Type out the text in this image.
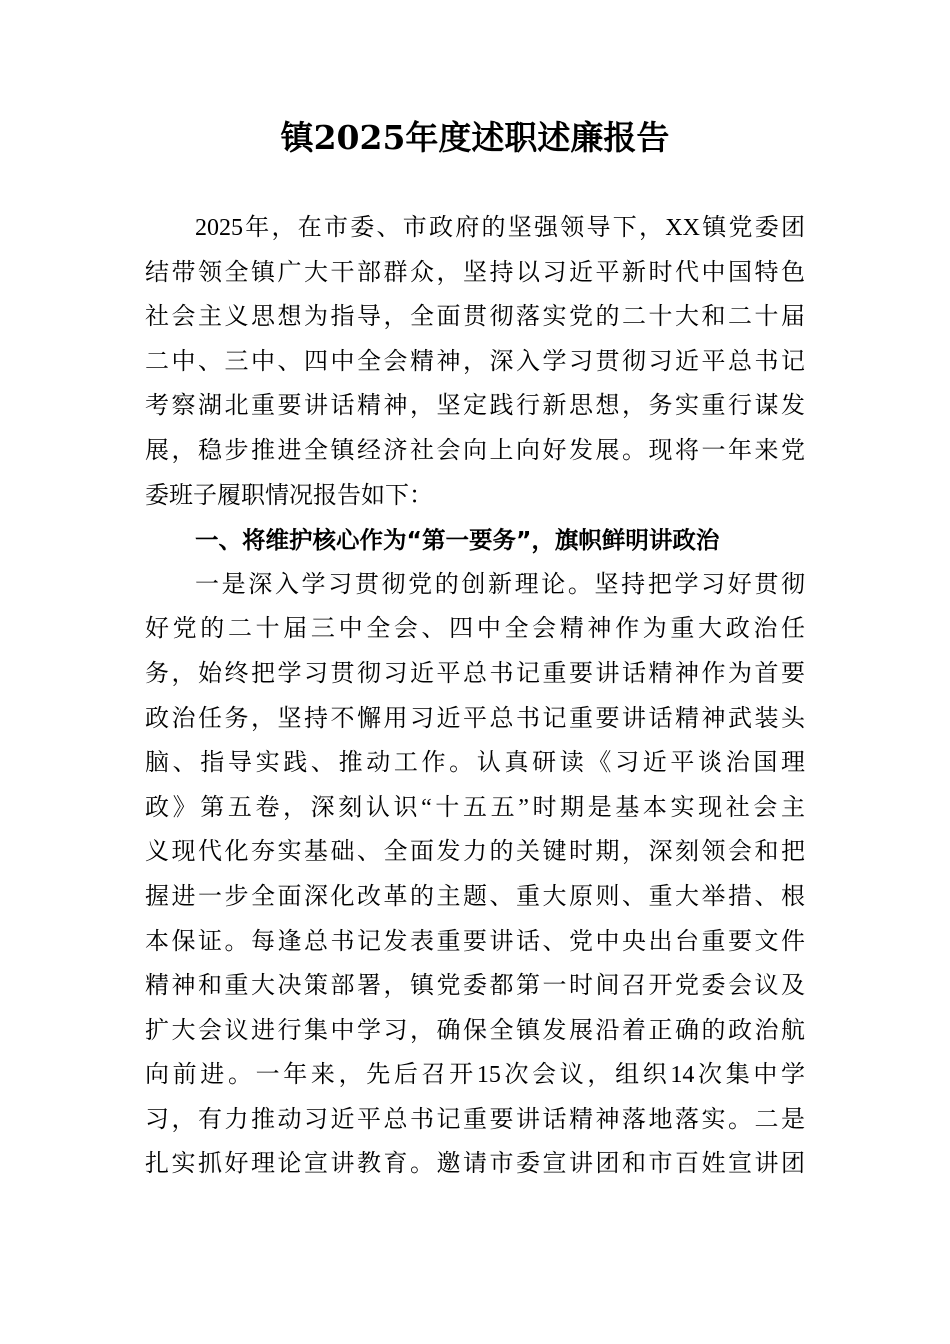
镇2025年度述职述廉报告
2025年，在市委、市政府的坚强领导下，XX镇党委团
结带领全镇广大干部群众，坚持以习近平新时代中国特色
社会主义思想为指导，全面贯彻落实党的二十大和二十届
二中、三中、四中全会精神，深入学习贯彻习近平总书记
考察湖北重要讲话精神，坚定践行新思想，务实重行谋发
展，稳步推进全镇经济社会向上向好发展。现将一年来党
委班子履职情况报告如下：
一、将维护核心作为“第一要务”，旗帜鲜明讲政治
一是深入学习贯彻党的创新理论。坚持把学习好贯彻
好党的二十届三中全会、四中全会精神作为重大政治任
务，始终把学习贯彻习近平总书记重要讲话精神作为首要
政治任务，坚持不懈用习近平总书记重要讲话精神武装头
脑、指导实践、推动工作。认真研读《习近平谈治国理
政》第五卷，深刻认识“十五五”时期是基本实现社会主
义现代化夯实基础、全面发力的关键时期，深刻领会和把
握进一步全面深化改革的主题、重大原则、重大举措、根
本保证。每逢总书记发表重要讲话、党中央出台重要文件
精神和重大决策部署，镇党委都第一时间召开党委会议及
扩大会议进行集中学习，确保全镇发展沿着正确的政治航
向前进。一年来，先后召开15次会议，组织14次集中学
习，有力推动习近平总书记重要讲话精神落地落实。二是
扎实抓好理论宣讲教育。邀请市委宣讲团和市百姓宣讲团
